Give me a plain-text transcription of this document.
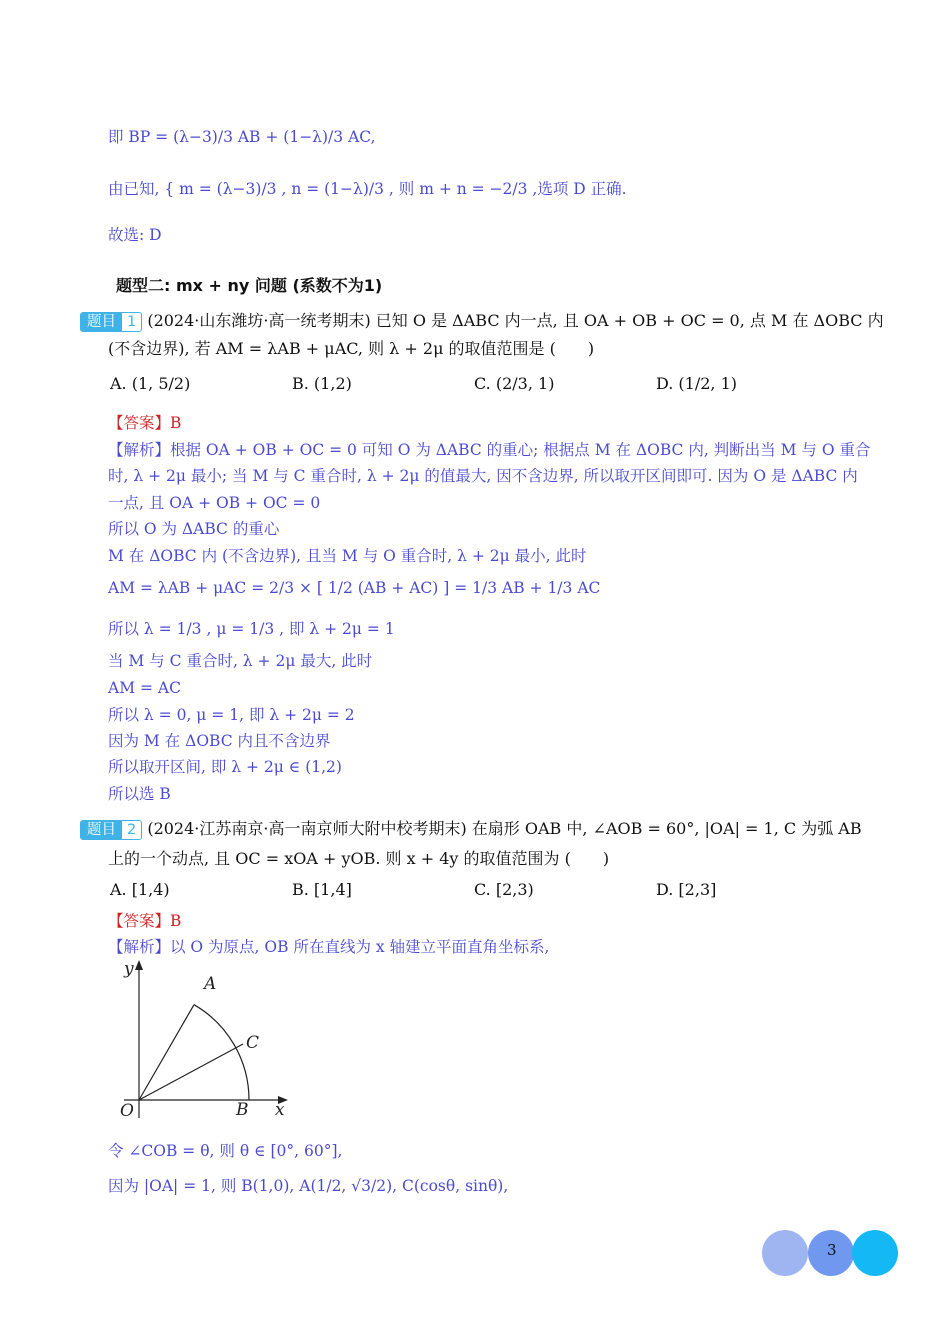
即 BP = (λ−3)/3 AB + (1−λ)/3 AC,
由已知, { m = (λ−3)/3 , n = (1−λ)/3 , 则 m + n = −2/3 ,选项 D 正确.
故选: D
题型二: mx + ny 问题 (系数不为1)
题目 1 (2024·山东潍坊·高一统考期末) 已知 O 是 ΔABC 内一点, 且 OA + OB + OC = 0, 点 M 在 ΔOBC 内
(不含边界), 若 AM = λAB + μAC, 则 λ + 2μ 的取值范围是 (　　)
A. (1, 5/2)	B. (1,2)	C. (2/3, 1)	D. (1/2, 1)
【答案】B
【解析】根据 OA + OB + OC = 0 可知 O 为 ΔABC 的重心; 根据点 M 在 ΔOBC 内, 判断出当 M 与 O 重合
时, λ + 2μ 最小; 当 M 与 C 重合时, λ + 2μ 的值最大, 因不含边界, 所以取开区间即可. 因为 O 是 ΔABC 内
一点, 且 OA + OB + OC = 0
所以 O 为 ΔABC 的重心
M 在 ΔOBC 内 (不含边界), 且当 M 与 O 重合时, λ + 2μ 最小, 此时
AM = λAB + μAC = 2/3 × [ 1/2 (AB + AC) ] = 1/3 AB + 1/3 AC
所以 λ = 1/3 , μ = 1/3 , 即 λ + 2μ = 1
当 M 与 C 重合时, λ + 2μ 最大, 此时
AM = AC
所以 λ = 0, μ = 1, 即 λ + 2μ = 2
因为 M 在 ΔOBC 内且不含边界
所以取开区间, 即 λ + 2μ ∈ (1,2)
所以选 B
题目 2 (2024·江苏南京·高一南京师大附中校考期末) 在扇形 OAB 中, ∠AOB = 60°, |OA| = 1, C 为弧 AB
上的一个动点, 且 OC = xOA + yOB. 则 x + 4y 的取值范围为 (　　)
A. [1,4)	B. [1,4]	C. [2,3)	D. [2,3]
【答案】B
【解析】以 O 为原点, OB 所在直线为 x 轴建立平面直角坐标系,
y
x
O
A
B
C
令 ∠COB = θ, 则 θ ∈ [0°, 60°],
因为 |OA| = 1, 则 B(1,0), A(1/2, √3/2), C(cosθ, sinθ),
3
